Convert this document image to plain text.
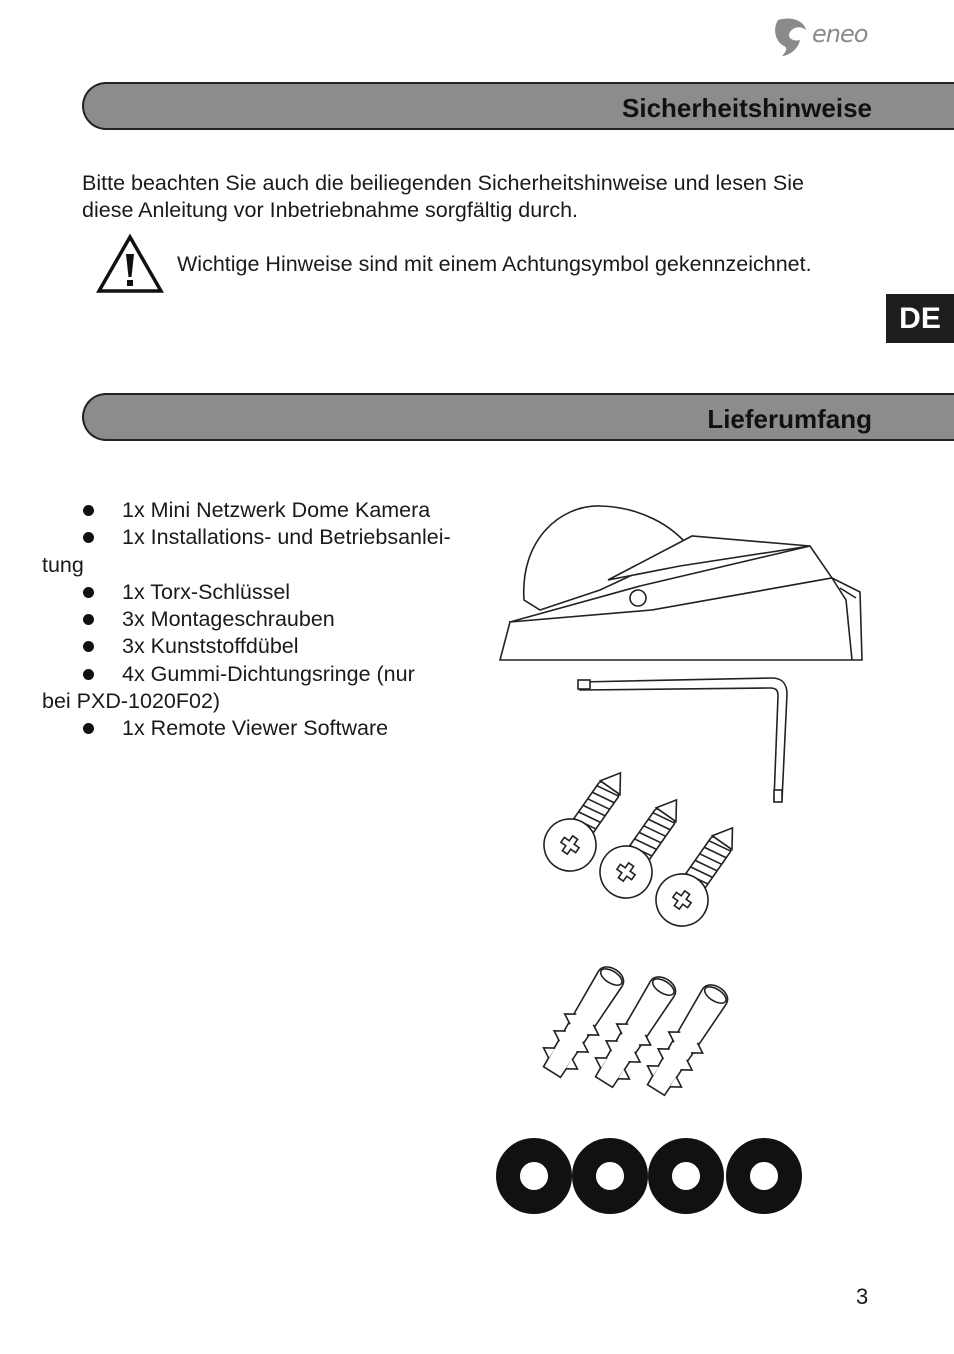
eneo
Sicherheitshinweise
Bitte beachten Sie auch die beiliegenden Sicherheitshinweise und lesen Sie
diese Anleitung vor Inbetriebnahme sorgfältig durch.
Wichtige Hinweise sind mit einem Achtungsymbol gekennzeichnet.
DE
Lieferumfang
1x Mini Netzwerk Dome Kamera
1x Installations- und Betriebsanlei-
tung
1x Torx-Schlüssel
3x Montageschrauben
3x Kunststoffdübel
4x Gummi-Dichtungsringe (nur
bei PXD-1020F02)
1x Remote Viewer Software
3
